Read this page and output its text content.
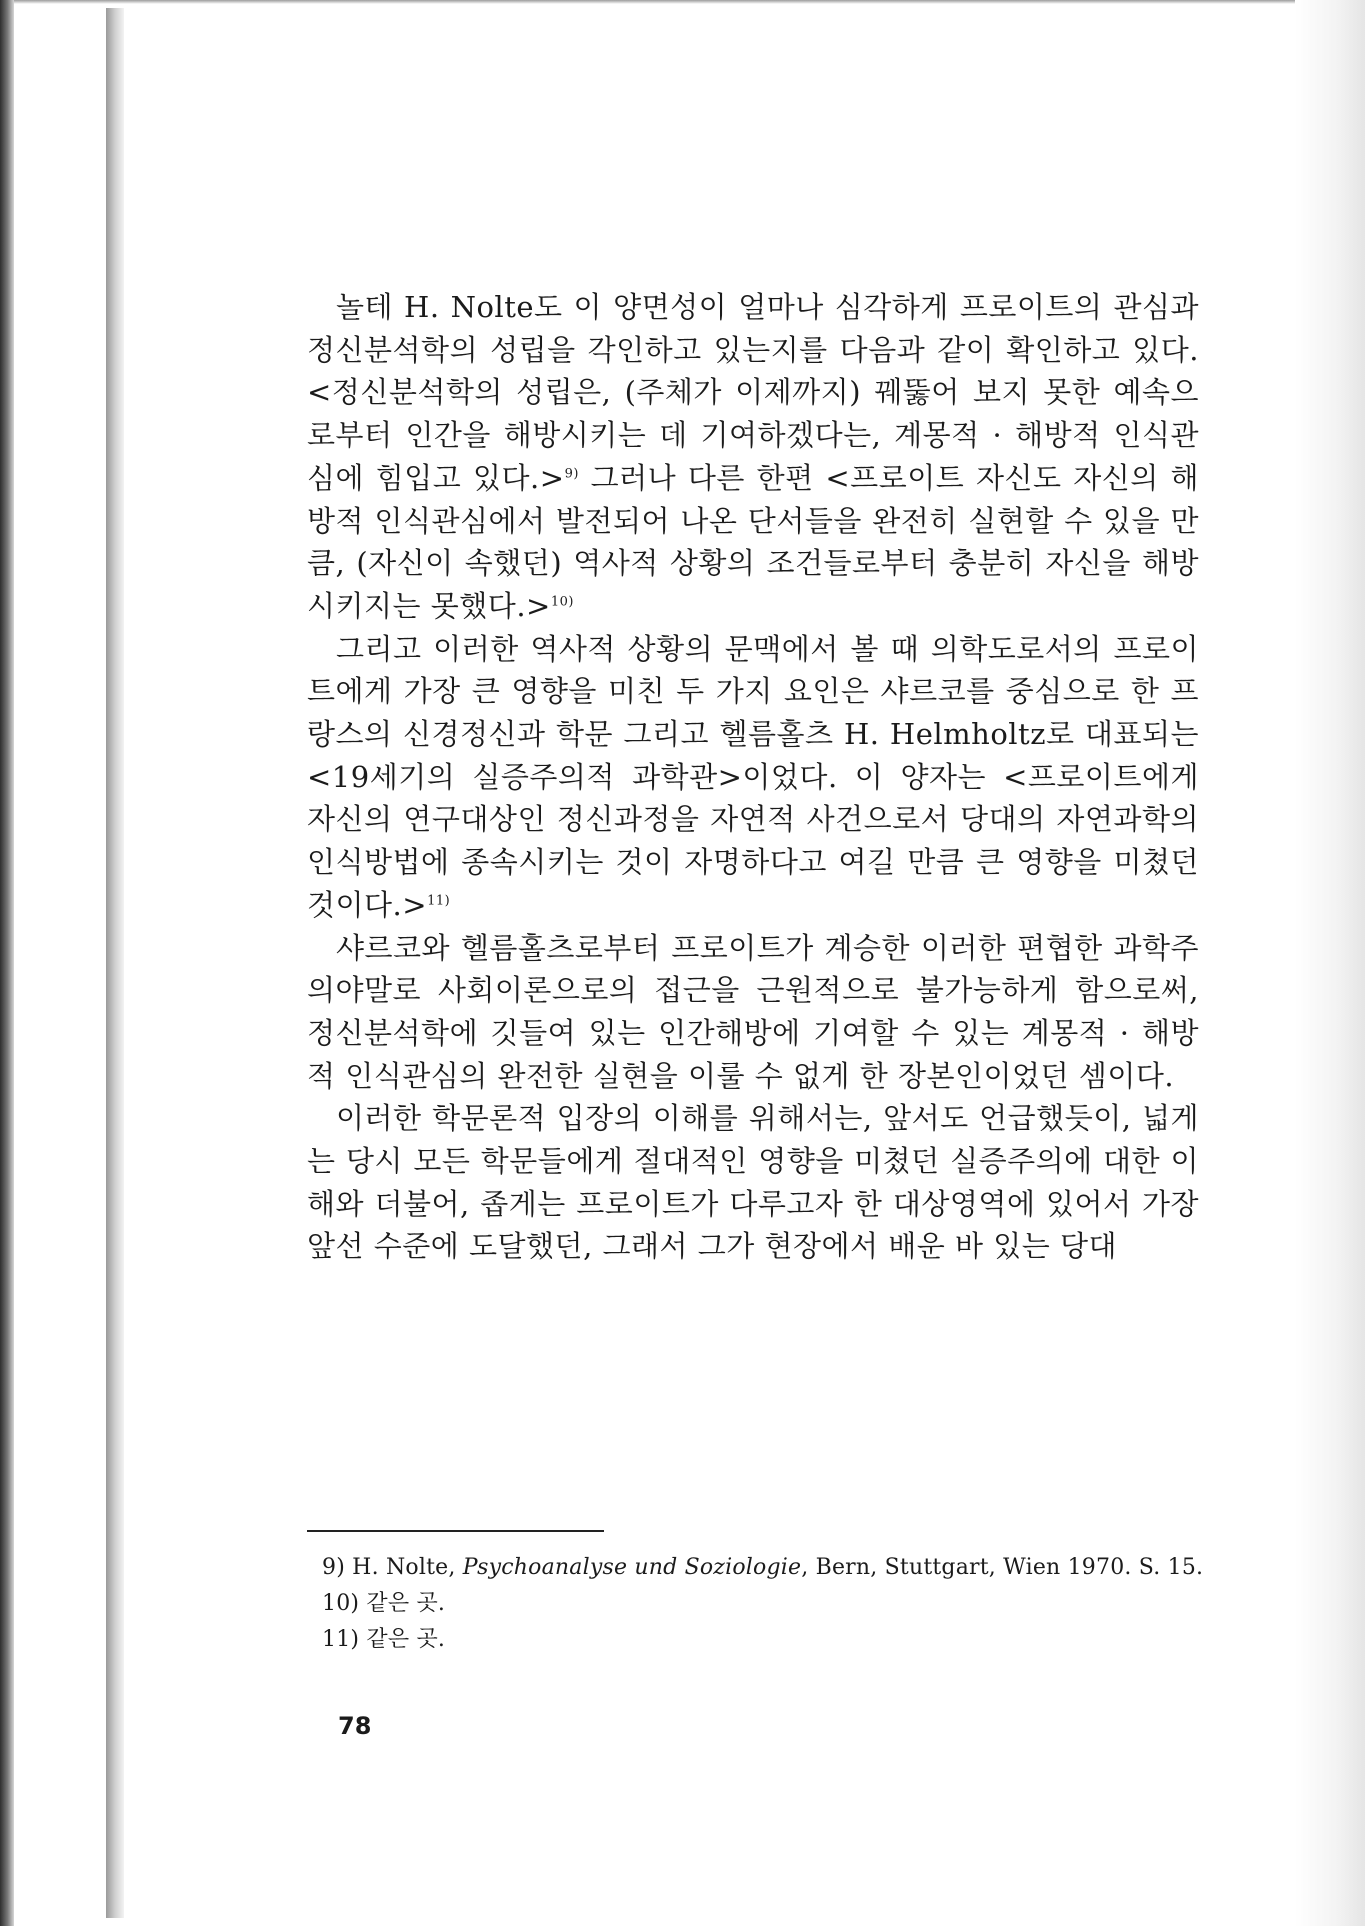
놀테 H. Nolte도 이 양면성이 얼마나 심각하게 프로이트의 관심과 정신분석학의 성립을 각인하고 있는지를 다음과 같이 확인하고 있다. <정신분석학의 성립은, (주체가 이제까지) 꿰뚫어 보지 못한 예속으로부터 인간을 해방시키는 데 기여하겠다는, 계몽적 · 해방적 인식관심에 힘입고 있다.>$^{9)}$ 그러나 다른 한편 <프로이트 자신도 자신의 해방적 인식관심에서 발전되어 나온 단서들을 완전히 실현할 수 있을 만큼, (자신이 속했던) 역사적 상황의 조건들로부터 충분히 자신을 해방시키지는 못했다.>$^{10)}$

그리고 이러한 역사적 상황의 문맥에서 볼 때 의학도로서의 프로이트에게 가장 큰 영향을 미친 두 가지 요인은 샤르코를 중심으로 한 프랑스의 신경정신과 학문 그리고 헬름홀츠 H. Helmholtz로 대표되는 <19세기의 실증주의적 과학관>이었다. 이 양자는 <프로이트에게 자신의 연구대상인 정신과정을 자연적 사건으로서 당대의 자연과학의 인식방법에 종속시키는 것이 자명하다고 여길 만큼 큰 영향을 미쳤던 것이다.>$^{11)}$

샤르코와 헬름홀츠로부터 프로이트가 계승한 이러한 편협한 과학주의야말로 사회이론으로의 접근을 근원적으로 불가능하게 함으로써, 정신분석학에 깃들여 있는 인간해방에 기여할 수 있는 계몽적 · 해방적 인식관심의 완전한 실현을 이룰 수 없게 한 장본인이었던 셈이다.

이러한 학문론적 입장의 이해를 위해서는, 앞서도 언급했듯이, 넓게는 당시 모든 학문들에게 절대적인 영향을 미쳤던 실증주의에 대한 이해와 더불어, 좁게는 프로이트가 다루고자 한 대상영역에 있어서 가장 앞선 수준에 도달했던, 그래서 그가 현장에서 배운 바 있는 당대

9) H. Nolte, Psychoanalyse und Soziologie, Bern, Stuttgart, Wien 1970. S. 15.

10) 같은 곳.

11) 같은 곳.

78
